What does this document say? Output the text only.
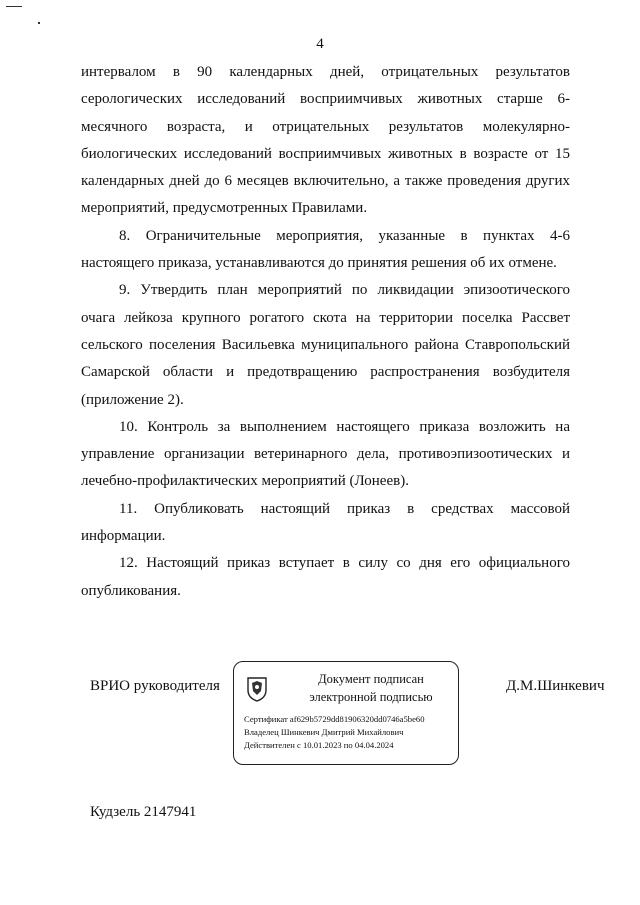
4

интервалом в 90 календарных дней, отрицательных результатов серологических исследований восприимчивых животных старше 6-месячного возраста, и отрицательных результатов молекулярно-биологических исследований восприимчивых животных в возрасте от 15 календарных дней до 6 месяцев включительно, а также проведения других мероприятий, предусмотренных Правилами.

8. Ограничительные мероприятия, указанные в пунктах 4-6 настоящего приказа, устанавливаются до принятия решения об их отмене.

9. Утвердить план мероприятий по ликвидации эпизоотического очага лейкоза крупного рогатого скота на территории поселка Рассвет сельского поселения Васильевка муниципального района Ставропольский Самарской области и предотвращению распространения возбудителя (приложение 2).

10. Контроль за выполнением настоящего приказа возложить на управление организации ветеринарного дела, противоэпизоотических и лечебно-профилактических мероприятий (Лонеев).

11. Опубликовать настоящий приказ в средствах массовой информации.

12. Настоящий приказ вступает в силу со дня его официального опубликования.

ВРИО руководителя	Документ подписан
электронной подписью
Сертификат af629b5729dd81906320dd0746a5be60
Владелец Шинкевич Дмитрий Михайлович
Действителен с 10.01.2023 по 04.04.2024
Д.М.Шинкевич
Кудзель 2147941
